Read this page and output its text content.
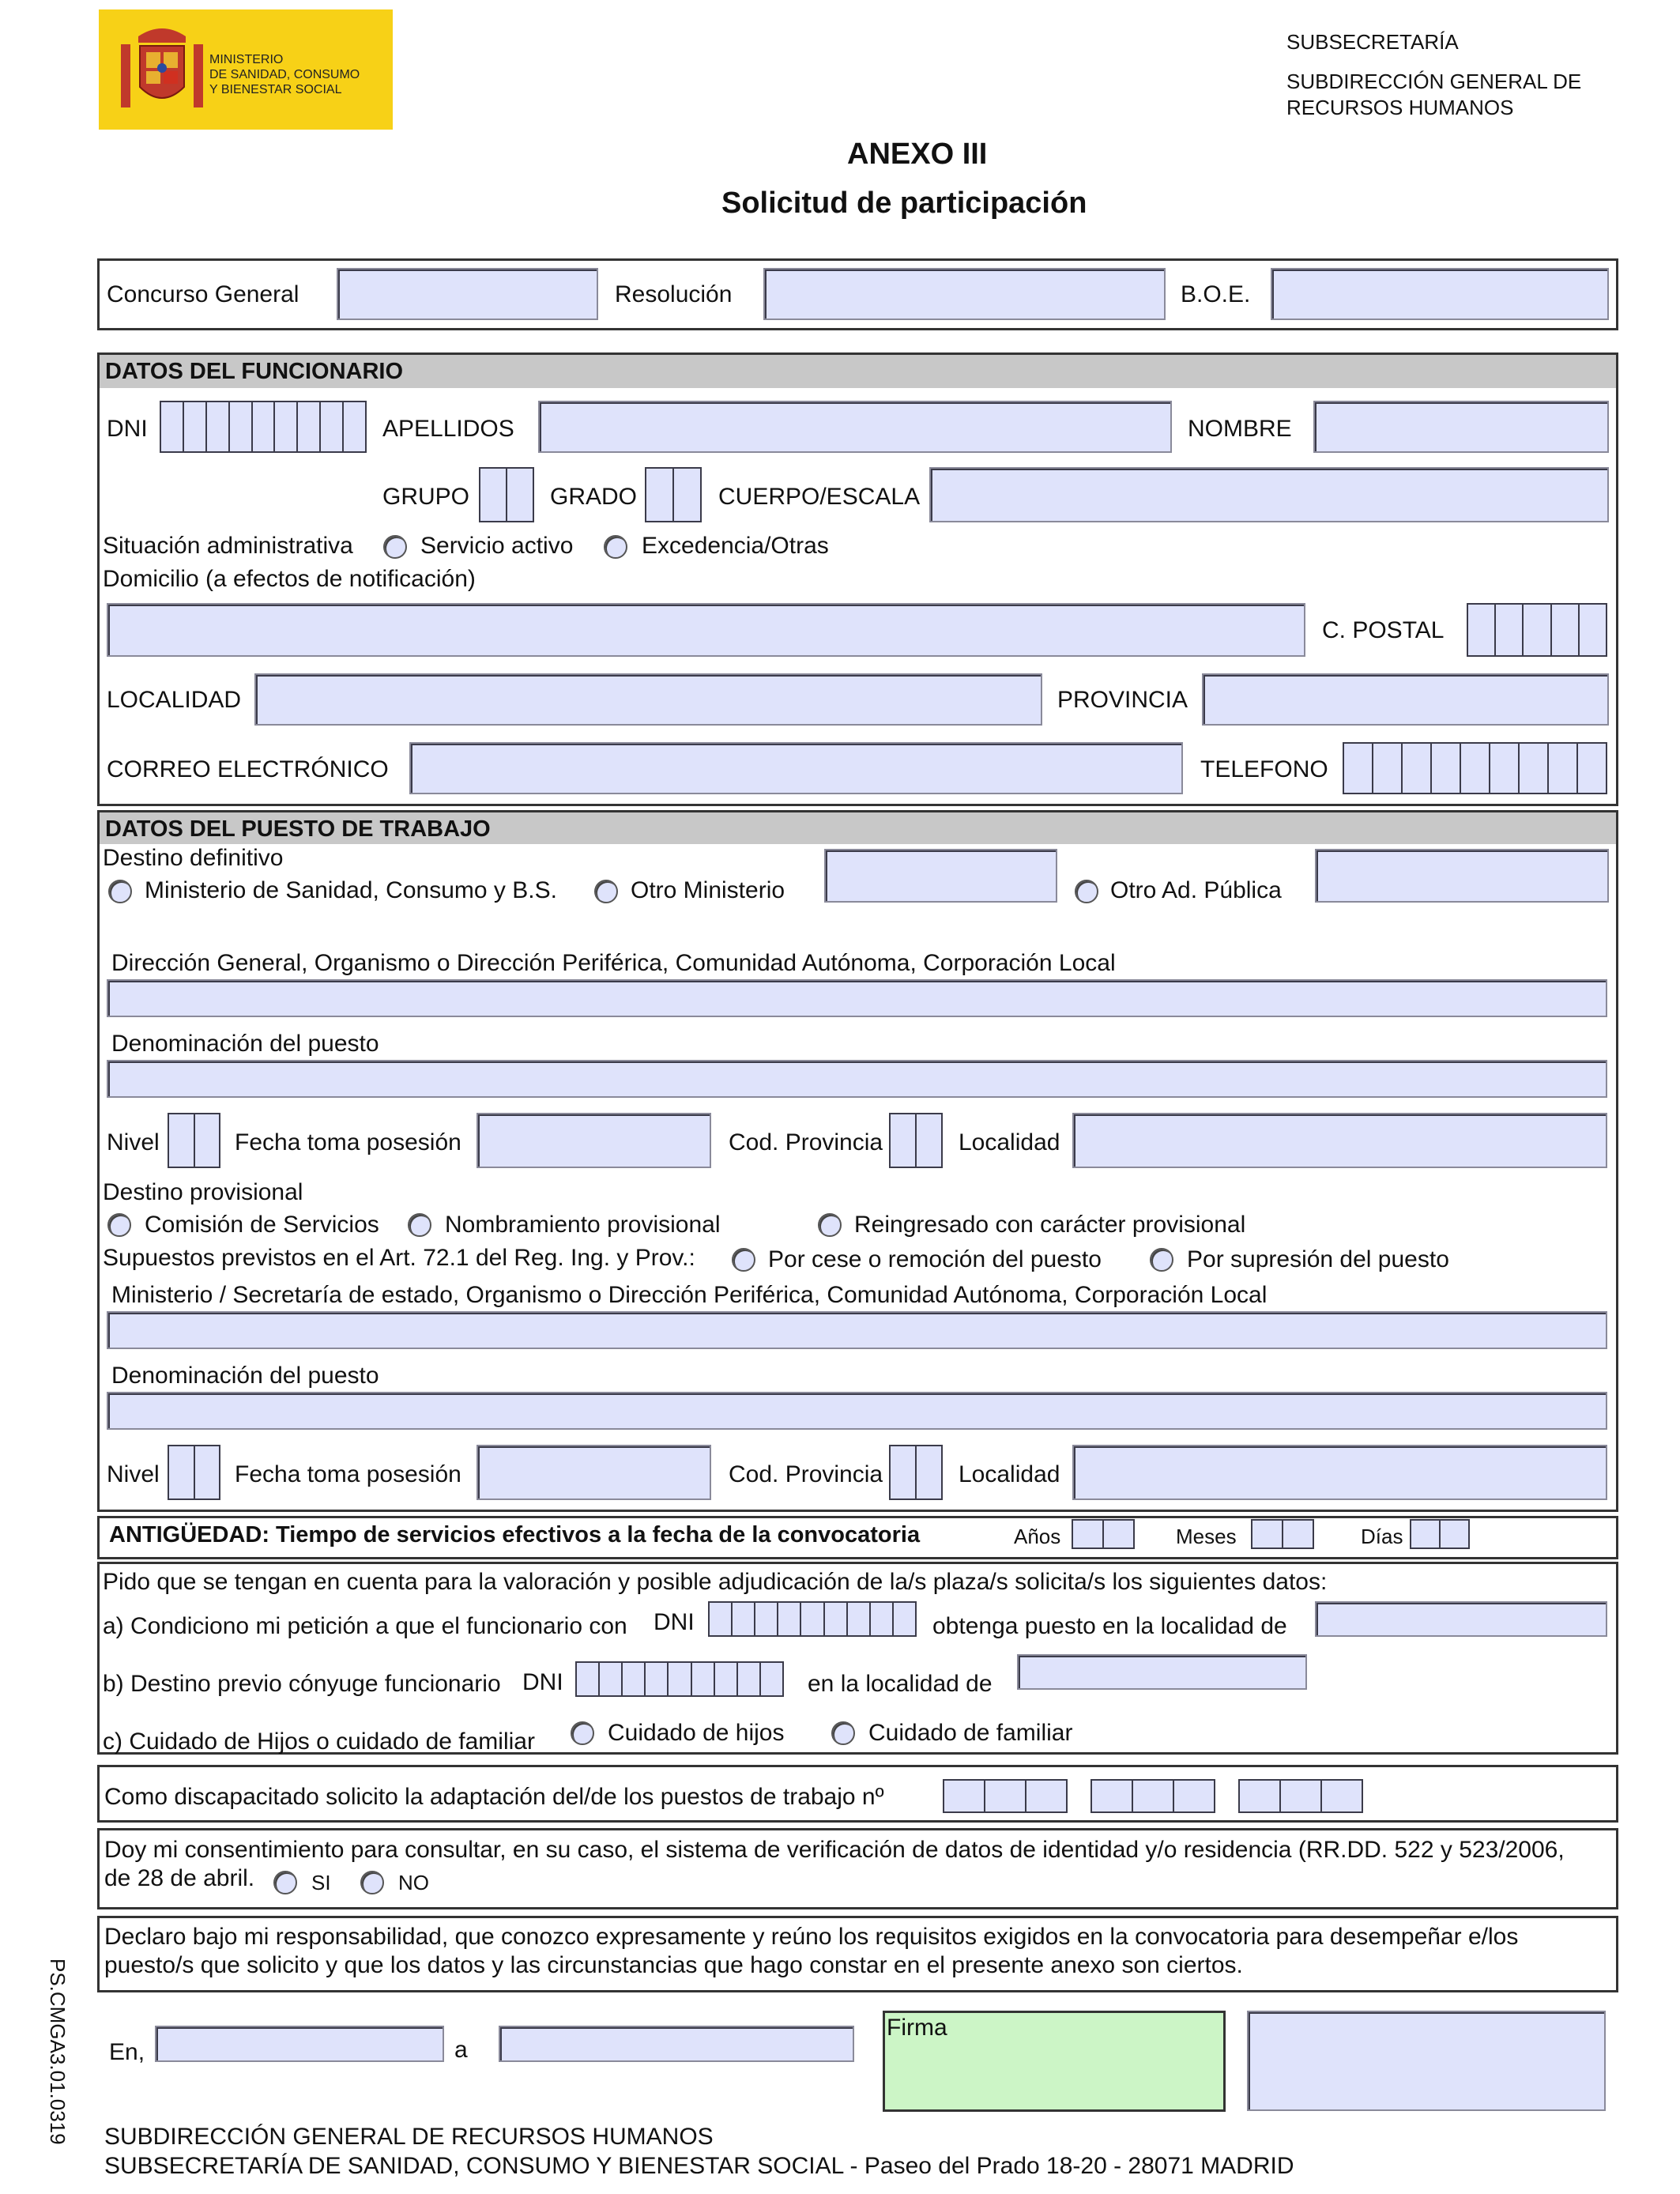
MINISTERIO
DE SANIDAD, CONSUMO
Y BIENESTAR SOCIAL
SUBSECRETARÍA
SUBDIRECCIÓN GENERAL DE
RECURSOS HUMANOS
ANEXO III
Solicitud de participación
Concurso General	Resolución	B.O.E.
DATOS DEL FUNCIONARIO
DNI	APELLIDOS	NOMBRE
GRUPO	GRADO	CUERPO/ESCALA
Situación administrativa	Servicio activo	Excedencia/Otras
Domicilio (a efectos de notificación)
C. POSTAL
LOCALIDAD	PROVINCIA
CORREO ELECTRÓNICO	TELEFONO
DATOS DEL PUESTO DE TRABAJO
Destino definitivo
Ministerio de Sanidad, Consumo y B.S.	Otro Ministerio	Otro Ad. Pública
Dirección General, Organismo o Dirección Periférica, Comunidad Autónoma, Corporación Local
Denominación del puesto
Nivel	Fecha toma posesión	Cod. Provincia	Localidad
Destino provisional
Comisión de Servicios	Nombramiento provisional	Reingresado con carácter provisional
Supuestos previstos en el Art. 72.1 del Reg. Ing. y Prov.:	Por cese o remoción del puesto	Por supresión del puesto
Ministerio / Secretaría de estado, Organismo o Dirección Periférica, Comunidad Autónoma, Corporación Local
Denominación del puesto
Nivel	Fecha toma posesión	Cod. Provincia	Localidad
ANTIGÜEDAD: Tiempo de servicios efectivos a la fecha de la convocatoria	Años	Meses	Días
Pido que se tengan en cuenta para la valoración y posible adjudicación de la/s plaza/s solicita/s los siguientes datos:
a) Condiciono mi petición a que el funcionario con DNI	obtenga puesto en la localidad de
b) Destino previo cónyuge funcionario DNI	en la localidad de
c) Cuidado de Hijos o cuidado de familiar	Cuidado de hijos	Cuidado de familiar
Como discapacitado solicito la adaptación del/de los puestos de trabajo nº
Doy mi consentimiento para consultar, en su caso, el sistema de verificación de datos de identidad y/o residencia (RR.DD. 522 y 523/2006,
de 28 de abril.	SI	NO
Declaro bajo mi responsabilidad, que conozco expresamente y reúno los requisitos exigidos en la convocatoria para desempeñar e/los
puesto/s que solicito y que los datos y las circunstancias que hago constar en el presente anexo son ciertos.
En,	a
Firma
PS.CMGA3.01.0319 SUBDIRECCIÓN GENERAL DE RECURSOS HUMANOS
SUBSECRETARÍA DE SANIDAD, CONSUMO Y BIENESTAR SOCIAL - Paseo del Prado 18-20 - 28071 MADRID
